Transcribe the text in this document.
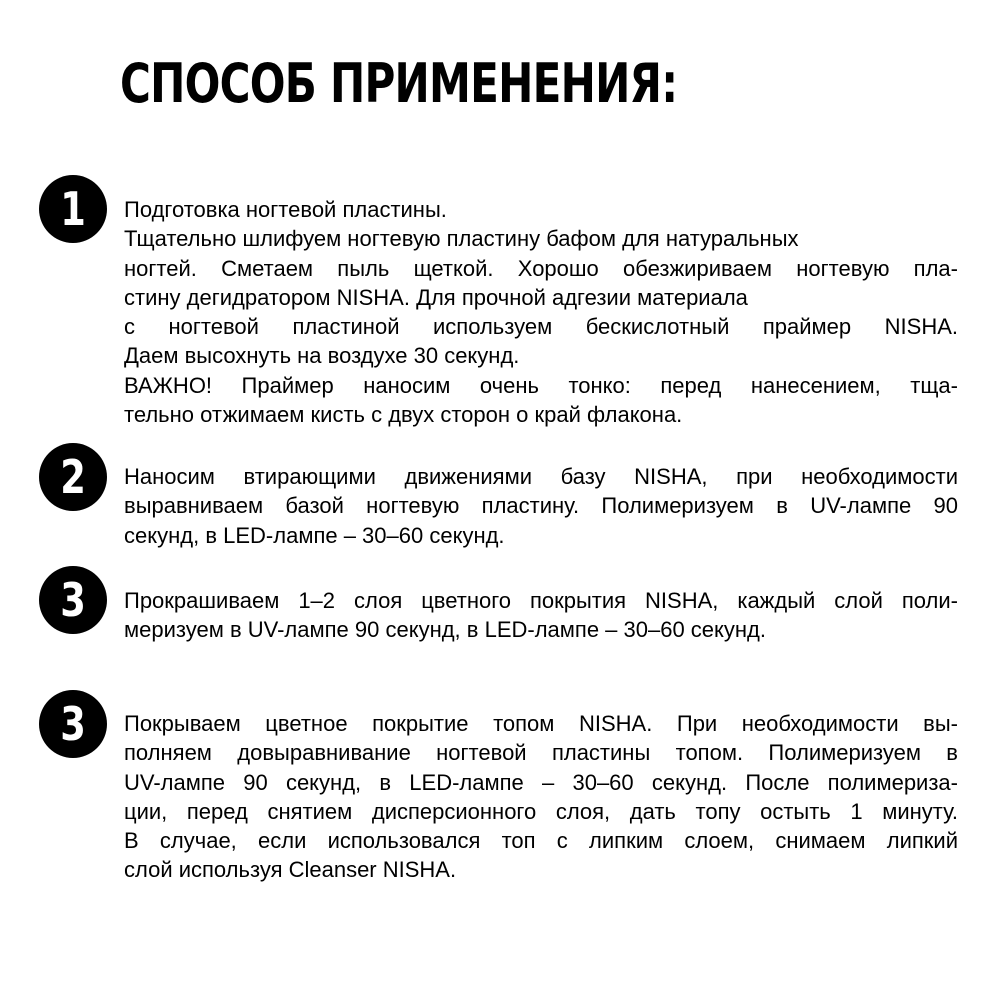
СПОСОБ ПРИМЕНЕНИЯ:
1	Подготовка ногтевой пластины.
Тщательно шлифуем ногтевую пластину бафом для натуральных
ногтей. Сметаем пыль щеткой. Хорошо обезжириваем ногтевую пла-
стину дегидратором NISHA. Для прочной адгезии материала
с ногтевой пластиной используем бескислотный праймер NISHA.
Даем высохнуть на воздухе 30 секунд.
ВАЖНО! Праймер наносим очень тонко: перед нанесением, тща-
тельно отжимаем кисть с двух сторон о край флакона.
2	Наносим втирающими движениями базу NISHA, при необходимости
выравниваем базой ногтевую пластину. Полимеризуем в UV-лампе 90
секунд, в LED-лампе – 30–60 секунд.
3	Прокрашиваем 1–2 слоя цветного покрытия NISHA, каждый слой поли-
меризуем в UV-лампе 90 секунд, в LED-лампе – 30–60 секунд.
3	Покрываем цветное покрытие топом NISHA. При необходимости вы-
полняем довыравнивание ногтевой пластины топом. Полимеризуем в
UV-лампе 90 секунд, в LED-лампе – 30–60 секунд. После полимериза-
ции, перед снятием дисперсионного слоя, дать топу остыть 1 минуту.
В случае, если использовался топ с липким слоем, снимаем липкий
слой используя Cleanser NISHA.
